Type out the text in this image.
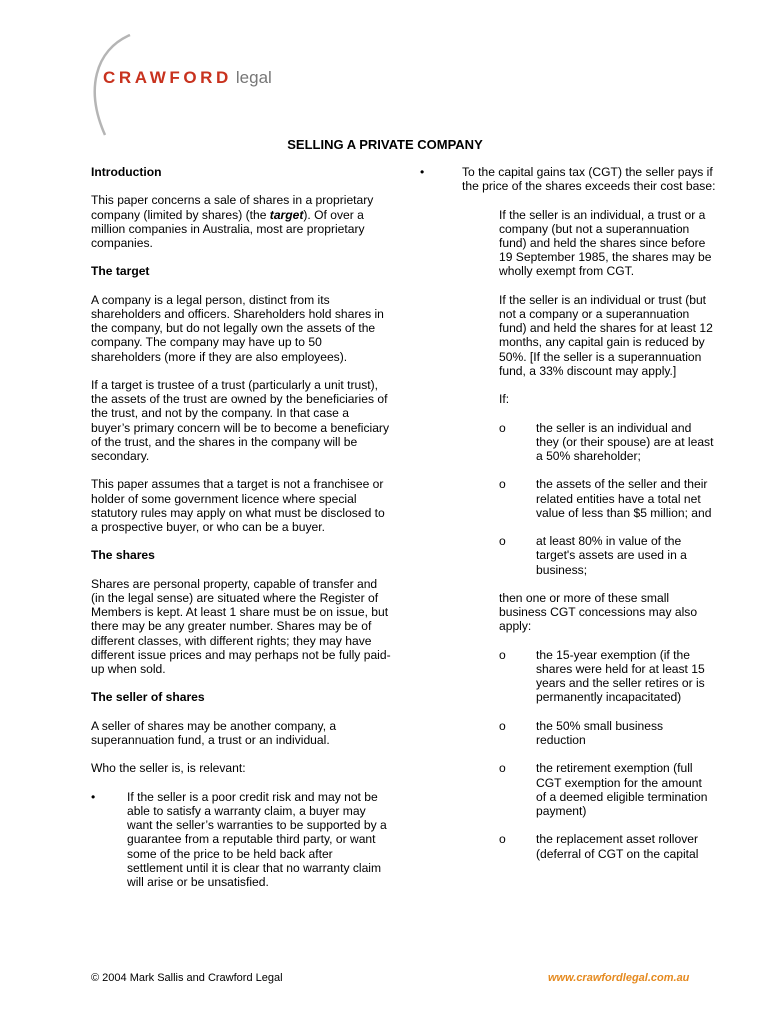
CRAWFORD legal
SELLING A PRIVATE COMPANY

Introduction

This paper concerns a sale of shares in a proprietary company (limited by shares) (the target). Of over a million companies in Australia, most are proprietary companies.

The target

A company is a legal person, distinct from its shareholders and officers. Shareholders hold shares in the company, but do not legally own the assets of the company. The company may have up to 50 shareholders (more if they are also employees).

If a target is trustee of a trust (particularly a unit trust), the assets of the trust are owned by the beneficiaries of the trust, and not by the company. In that case a buyer’s primary concern will be to become a beneficiary of the trust, and the shares in the company will be secondary.

This paper assumes that a target is not a franchisee or holder of some government licence where special statutory rules may apply on what must be disclosed to a prospective buyer, or who can be a buyer.

The shares

Shares are personal property, capable of transfer and (in the legal sense) are situated where the Register of Members is kept. At least 1 share must be on issue, but there may be any greater number. Shares may be of different classes, with different rights; they may have different issue prices and may perhaps not be fully paid-up when sold.

The seller of shares

A seller of shares may be another company, a superannuation fund, a trust or an individual.

Who the seller is, is relevant:

•	If the seller is a poor credit risk and may not be able to satisfy a warranty claim, a buyer may want the seller’s warranties to be supported by a guarantee from a reputable third party, or want some of the price to be held back after settlement until it is clear that no warranty claim will arise or be unsatisfied.
•	To the capital gains tax (CGT) the seller pays if the price of the shares exceeds their cost base:

If the seller is an individual, a trust or a company (but not a superannuation fund) and held the shares since before 19 September 1985, the shares may be wholly exempt from CGT.

If the seller is an individual or trust (but not a company or a superannuation fund) and held the shares for at least 12 months, any capital gain is reduced by 50%. [If the seller is a superannuation fund, a 33% discount may apply.]

If:

o	the seller is an individual and they (or their spouse) are at least a 50% shareholder;
o	the assets of the seller and their related entities have a total net value of less than $5 million; and
o	at least 80% in value of the target's assets are used in a business;

then one or more of these small business CGT concessions may also apply:

o	the 15-year exemption (if the shares were held for at least 15 years and the seller retires or is permanently incapacitated)
o	the 50% small business reduction
o	the retirement exemption (full CGT exemption for the amount of a deemed eligible termination payment)
o	the replacement asset rollover (deferral of CGT on the capital
© 2004 Mark Sallis and Crawford Legal	www.crawfordlegal.com.au
